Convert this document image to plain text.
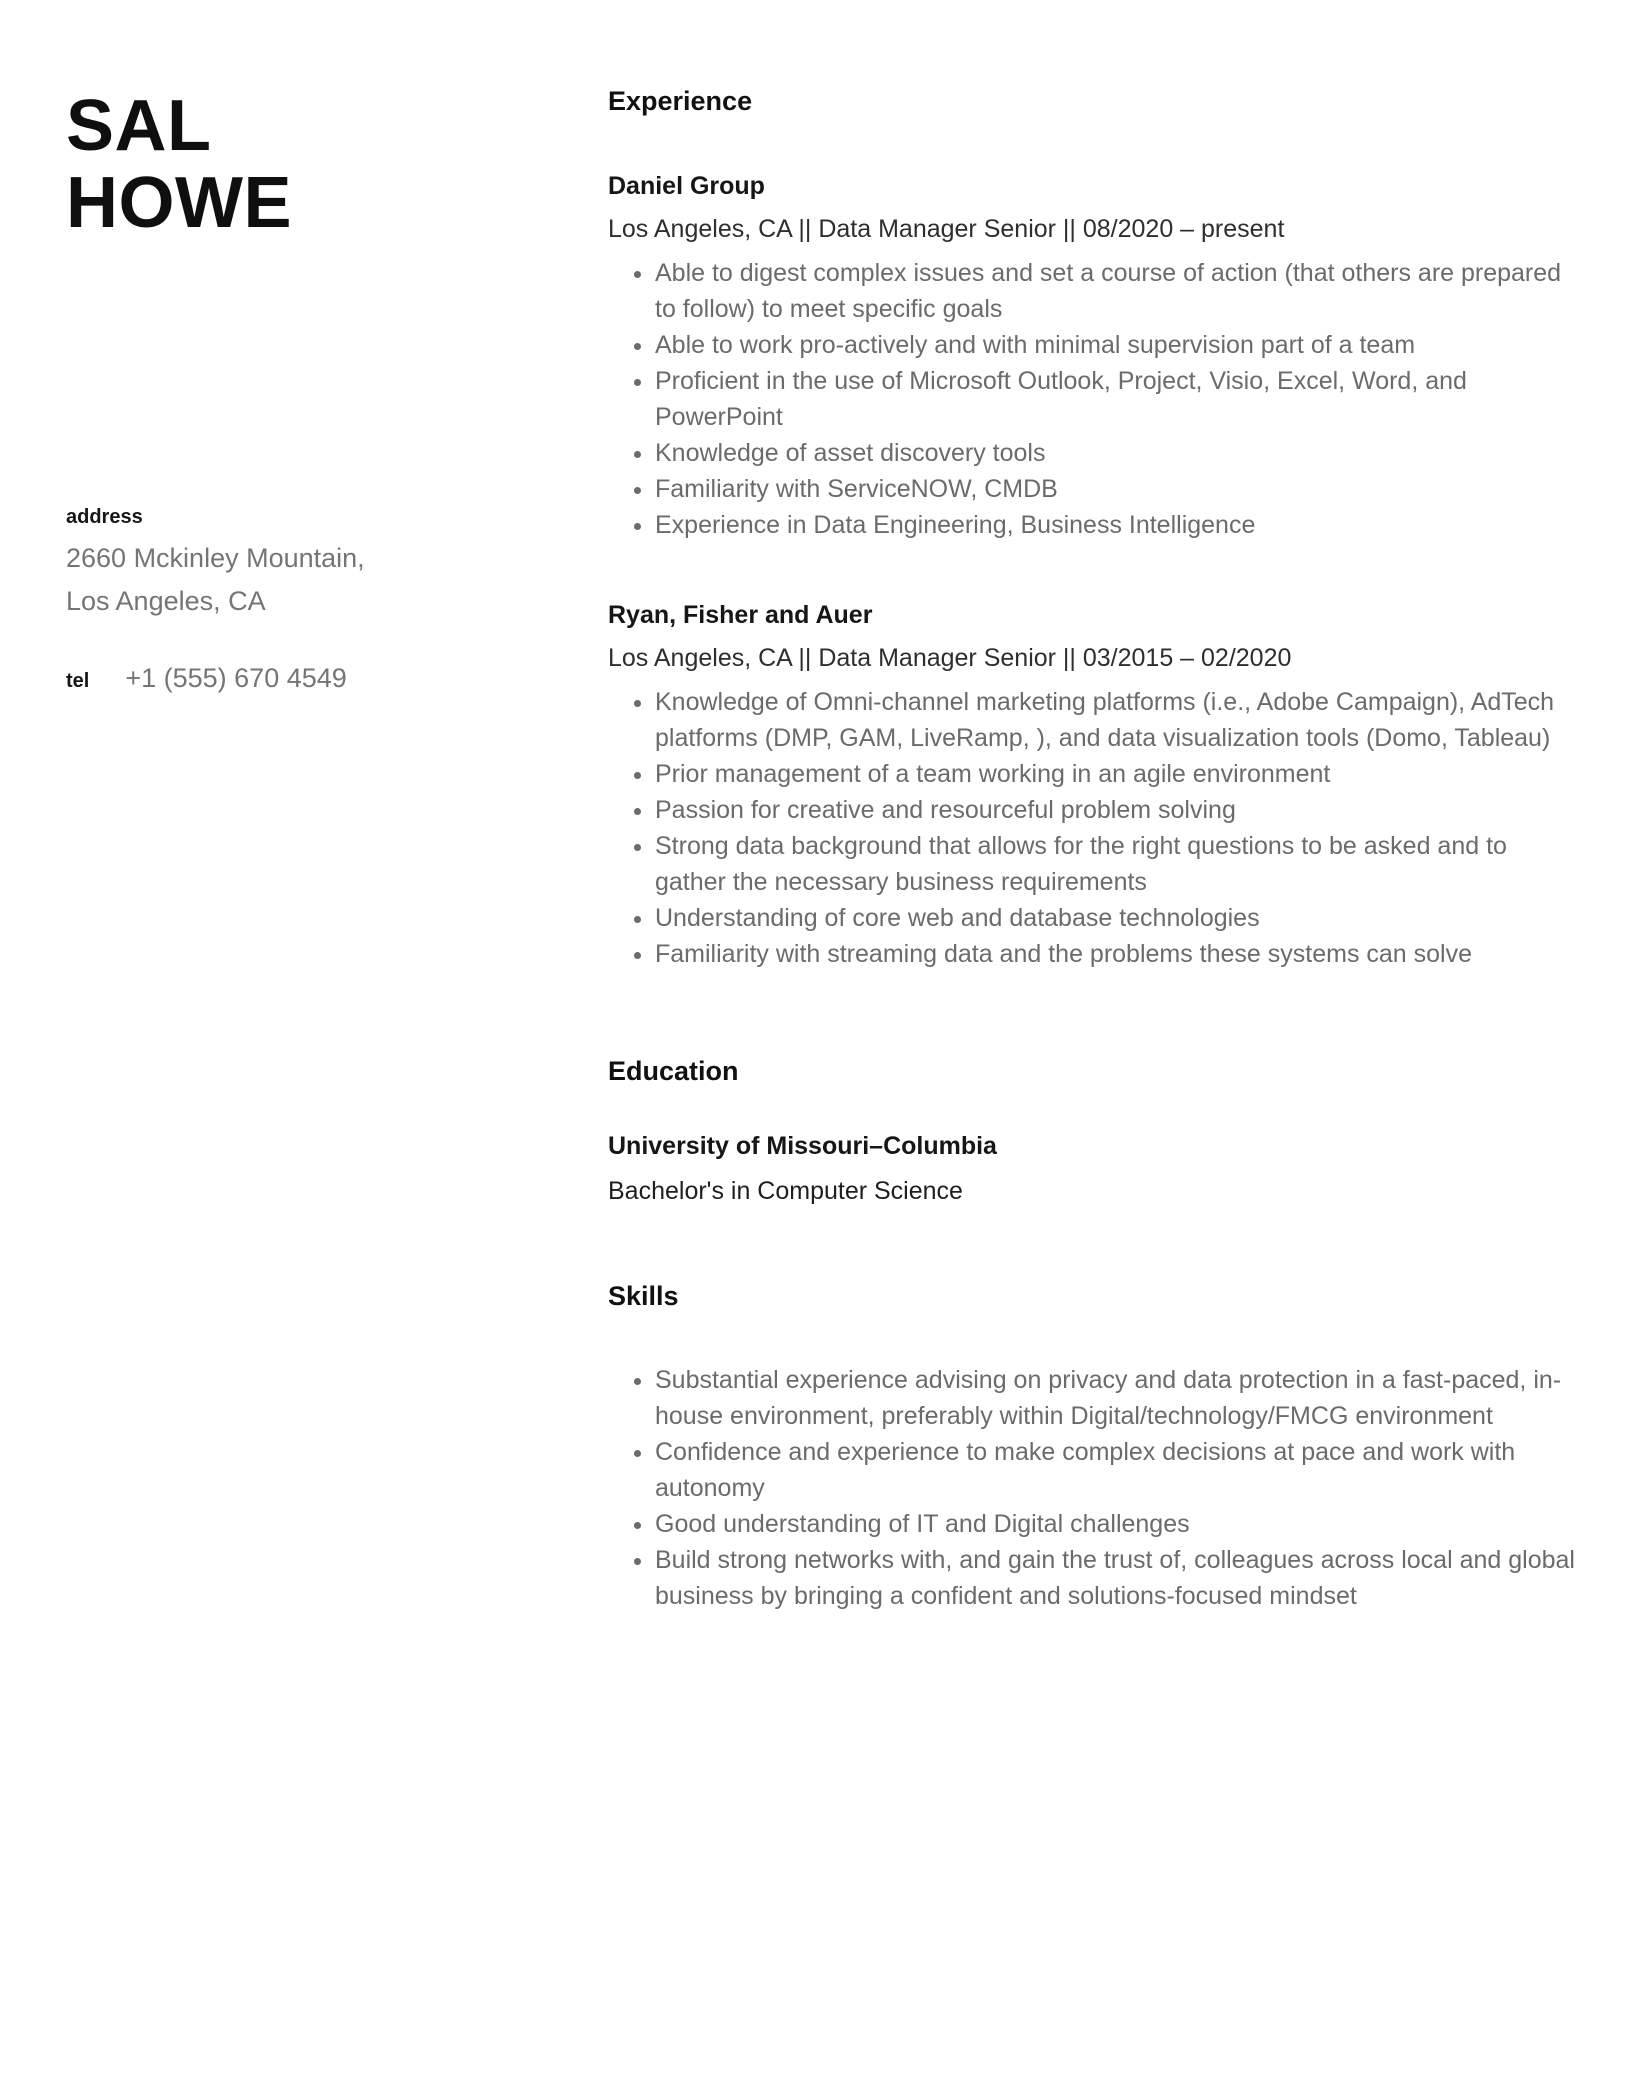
SAL
HOWE
address
2660 Mckinley Mountain,
Los Angeles, CA
tel +1 (555) 670 4549
Experience
Daniel Group
Los Angeles, CA || Data Manager Senior || 08/2020 – present
• Able to digest complex issues and set a course of action (that others are prepared to follow) to meet specific goals
• Able to work pro-actively and with minimal supervision part of a team
• Proficient in the use of Microsoft Outlook, Project, Visio, Excel, Word, and PowerPoint
• Knowledge of asset discovery tools
• Familiarity with ServiceNOW, CMDB
• Experience in Data Engineering, Business Intelligence
Ryan, Fisher and Auer
Los Angeles, CA || Data Manager Senior || 03/2015 – 02/2020
• Knowledge of Omni-channel marketing platforms (i.e., Adobe Campaign), AdTech platforms (DMP, GAM, LiveRamp, ), and data visualization tools (Domo, Tableau)
• Prior management of a team working in an agile environment
• Passion for creative and resourceful problem solving
• Strong data background that allows for the right questions to be asked and to gather the necessary business requirements
• Understanding of core web and database technologies
• Familiarity with streaming data and the problems these systems can solve
Education
University of Missouri–Columbia
Bachelor's in Computer Science
Skills
• Substantial experience advising on privacy and data protection in a fast-paced, in-house environment, preferably within Digital/technology/FMCG environment
• Confidence and experience to make complex decisions at pace and work with autonomy
• Good understanding of IT and Digital challenges
• Build strong networks with, and gain the trust of, colleagues across local and global business by bringing a confident and solutions-focused mindset
